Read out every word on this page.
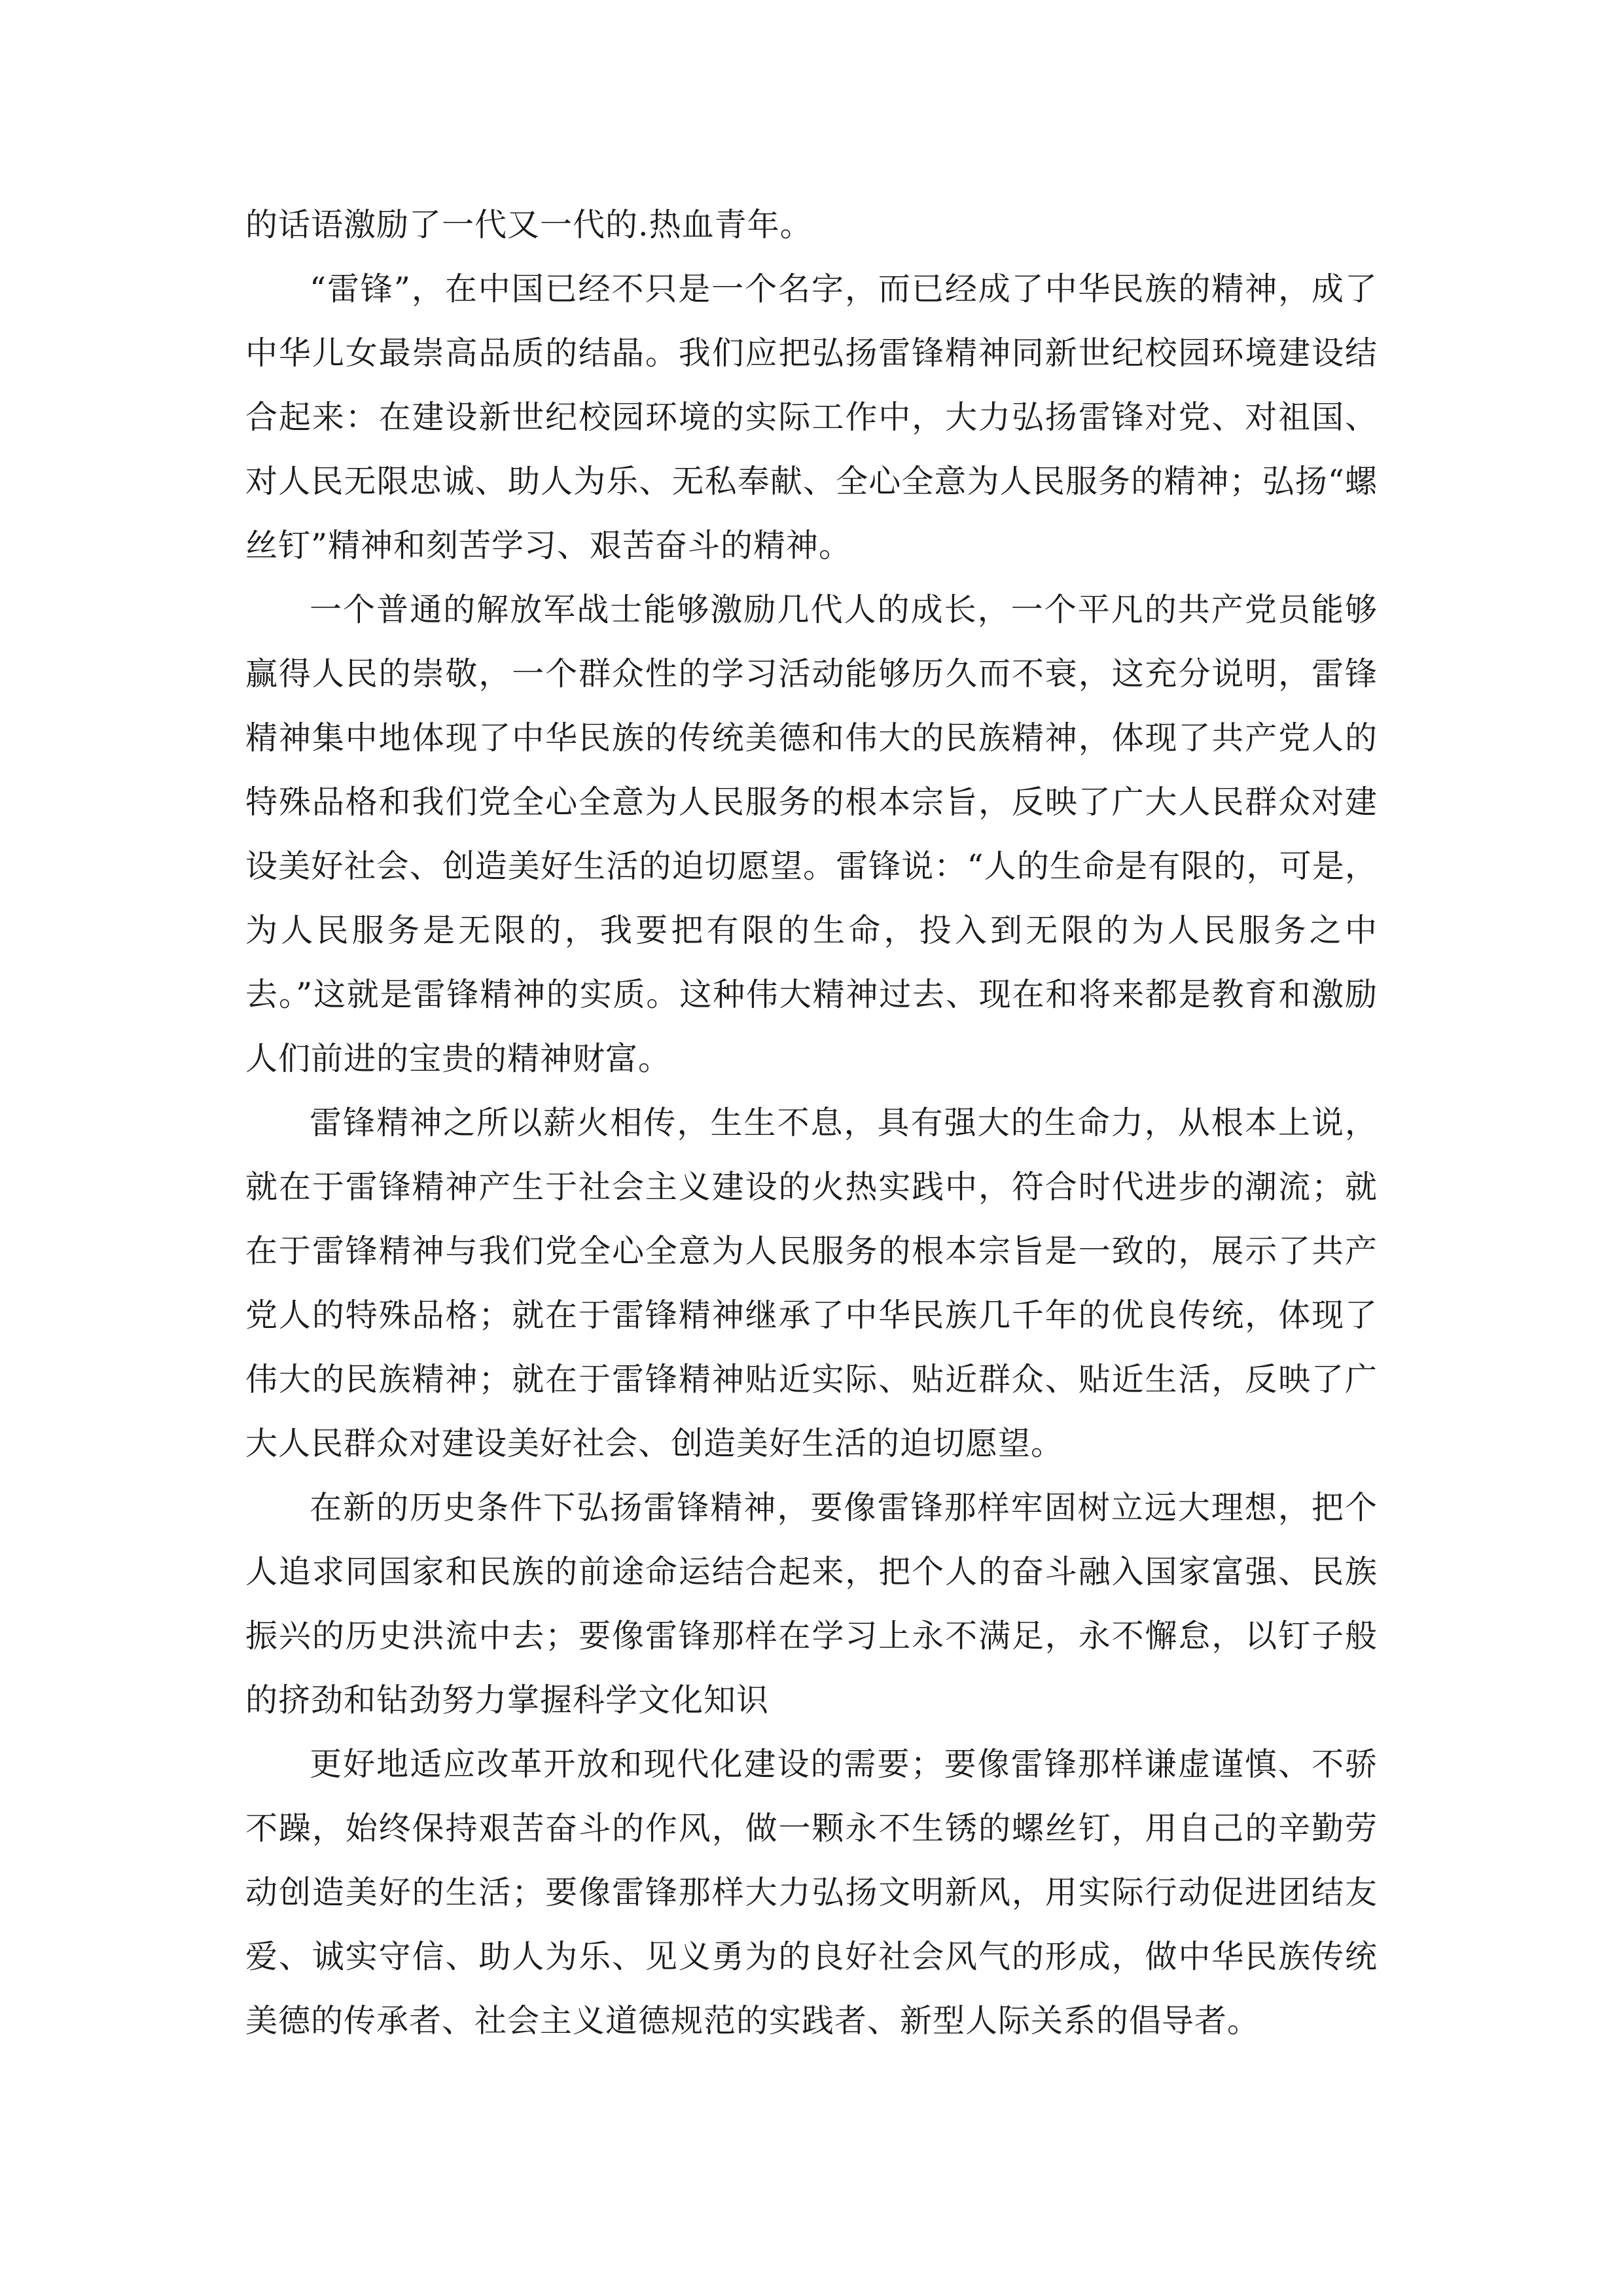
的话语激励了一代又一代的.热血青年。

“雷锋”，在中国已经不只是一个名字，而已经成了中华民族的精神，成了中华儿女最崇高品质的结晶。我们应把弘扬雷锋精神同新世纪校园环境建设结合起来：在建设新世纪校园环境的实际工作中，大力弘扬雷锋对党、对祖国、对人民无限忠诚、助人为乐、无私奉献、全心全意为人民服务的精神；弘扬“螺丝钉”精神和刻苦学习、艰苦奋斗的精神。

一个普通的解放军战士能够激励几代人的成长，一个平凡的共产党员能够赢得人民的崇敬，一个群众性的学习活动能够历久而不衰，这充分说明，雷锋精神集中地体现了中华民族的传统美德和伟大的民族精神，体现了共产党人的特殊品格和我们党全心全意为人民服务的根本宗旨，反映了广大人民群众对建设美好社会、创造美好生活的迫切愿望。雷锋说：“人的生命是有限的，可是，为人民服务是无限的，我要把有限的生命，投入到无限的为人民服务之中去。”这就是雷锋精神的实质。这种伟大精神过去、现在和将来都是教育和激励人们前进的宝贵的精神财富。

雷锋精神之所以薪火相传，生生不息，具有强大的生命力，从根本上说，就在于雷锋精神产生于社会主义建设的火热实践中，符合时代进步的潮流；就在于雷锋精神与我们党全心全意为人民服务的根本宗旨是一致的，展示了共产党人的特殊品格；就在于雷锋精神继承了中华民族几千年的优良传统，体现了伟大的民族精神；就在于雷锋精神贴近实际、贴近群众、贴近生活，反映了广大人民群众对建设美好社会、创造美好生活的迫切愿望。

在新的历史条件下弘扬雷锋精神，要像雷锋那样牢固树立远大理想，把个人追求同国家和民族的前途命运结合起来，把个人的奋斗融入国家富强、民族振兴的历史洪流中去；要像雷锋那样在学习上永不满足，永不懈怠，以钉子般的挤劲和钻劲努力掌握科学文化知识

更好地适应改革开放和现代化建设的需要；要像雷锋那样谦虚谨慎、不骄不躁，始终保持艰苦奋斗的作风，做一颗永不生锈的螺丝钉，用自己的辛勤劳动创造美好的生活；要像雷锋那样大力弘扬文明新风，用实际行动促进团结友爱、诚实守信、助人为乐、见义勇为的良好社会风气的形成，做中华民族传统美德的传承者、社会主义道德规范的实践者、新型人际关系的倡导者。
